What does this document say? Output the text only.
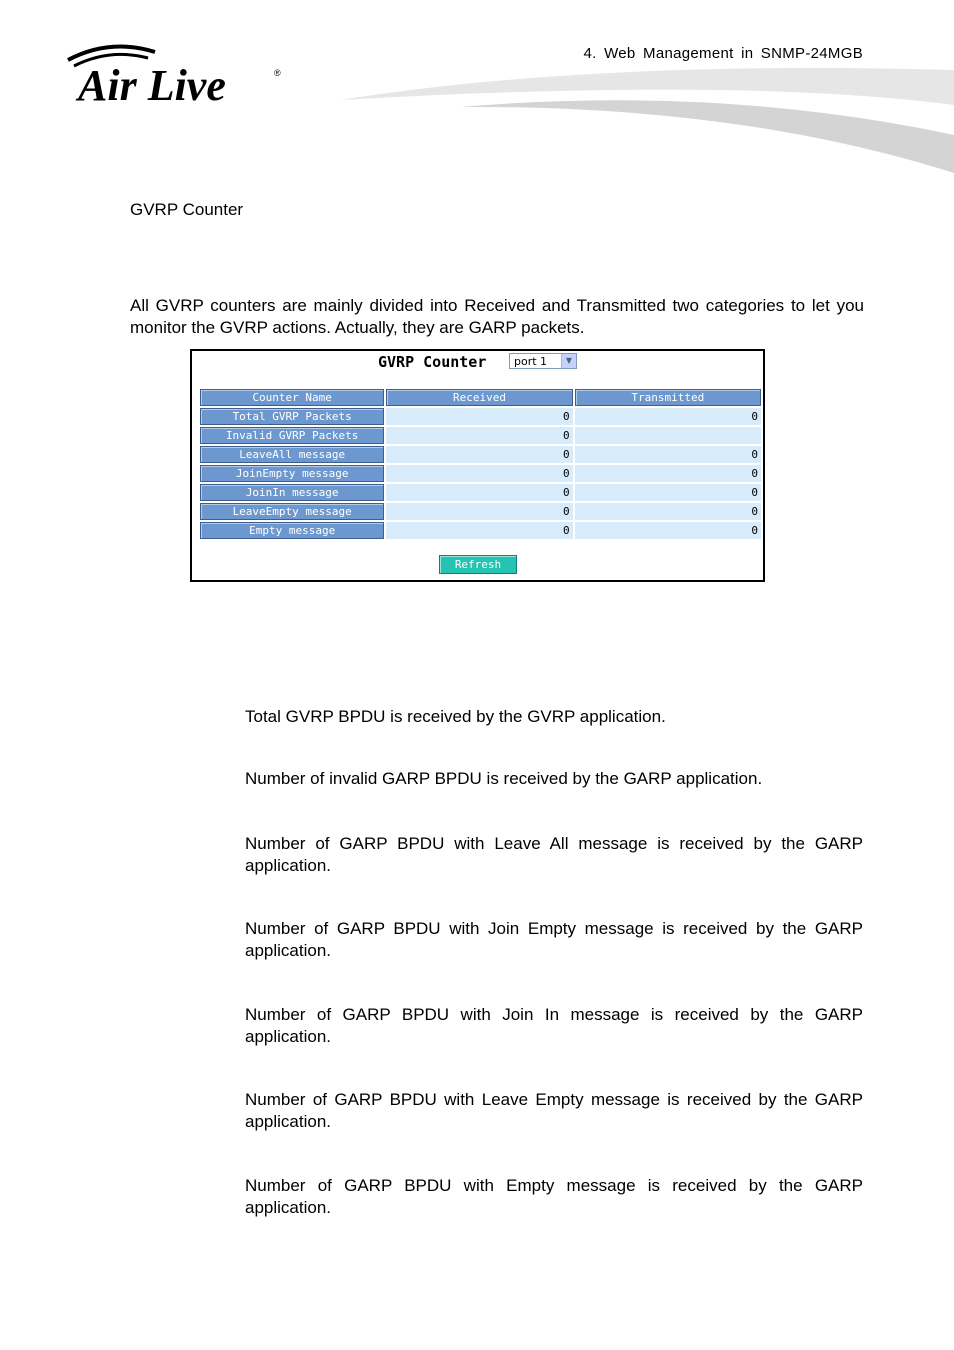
4. Web Management in SNMP-24MGB
Air Live	®
GVRP Counter
All GVRP counters are mainly divided into Received and Transmitted two categories to let you monitor the GVRP actions. Actually, they are GARP packets.
GVRP Counter	port 1	▼
Counter Name	Received	Transmitted
Total GVRP Packets	0	0
Invalid GVRP Packets	0	
LeaveAll message	0	0
JoinEmpty message	0	0
JoinIn message	0	0
LeaveEmpty message	0	0
Empty message	0	0
Refresh
Total GVRP BPDU is received by the GVRP application.
Number of invalid GARP BPDU is received by the GARP application.
Number of GARP BPDU with Leave All message is received by the GARP application.
Number of GARP BPDU with Join Empty message is received by the GARP application.
Number of GARP BPDU with Join In message is received by the GARP application.
Number of GARP BPDU with Leave Empty message is received by the GARP application.
Number of GARP BPDU with Empty message is received by the GARP application.
